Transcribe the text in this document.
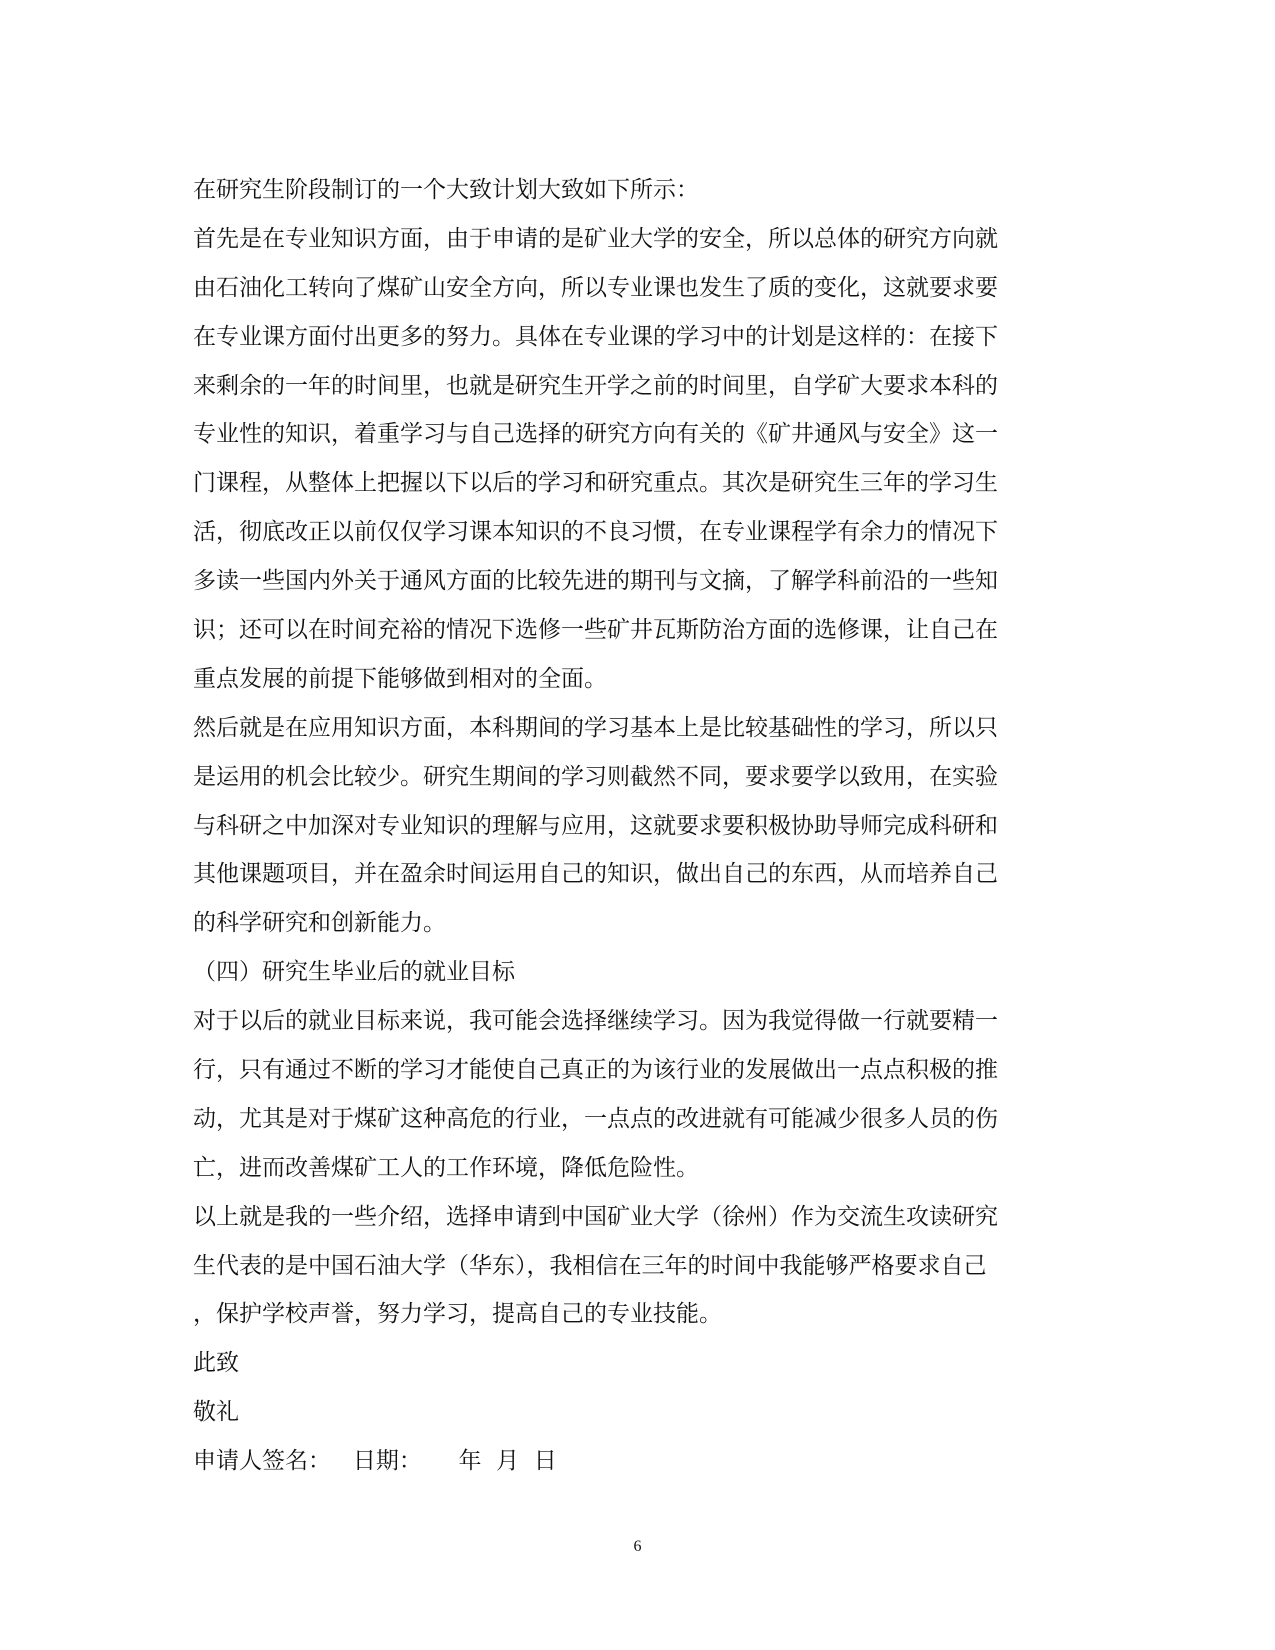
在研究生阶段制订的一个大致计划大致如下所示：
首先是在专业知识方面，由于申请的是矿业大学的安全，所以总体的研究方向就
由石油化工转向了煤矿山安全方向，所以专业课也发生了质的变化，这就要求要
在专业课方面付出更多的努力。具体在专业课的学习中的计划是这样的：在接下
来剩余的一年的时间里，也就是研究生开学之前的时间里，自学矿大要求本科的
专业性的知识，着重学习与自己选择的研究方向有关的《矿井通风与安全》这一
门课程，从整体上把握以下以后的学习和研究重点。其次是研究生三年的学习生
活，彻底改正以前仅仅学习课本知识的不良习惯，在专业课程学有余力的情况下
多读一些国内外关于通风方面的比较先进的期刊与文摘，了解学科前沿的一些知
识；还可以在时间充裕的情况下选修一些矿井瓦斯防治方面的选修课，让自己在
重点发展的前提下能够做到相对的全面。
然后就是在应用知识方面，本科期间的学习基本上是比较基础性的学习，所以只
是运用的机会比较少。研究生期间的学习则截然不同，要求要学以致用，在实验
与科研之中加深对专业知识的理解与应用，这就要求要积极协助导师完成科研和
其他课题项目，并在盈余时间运用自己的知识，做出自己的东西，从而培养自己
的科学研究和创新能力。
（四）研究生毕业后的就业目标
对于以后的就业目标来说，我可能会选择继续学习。因为我觉得做一行就要精一
行，只有通过不断的学习才能使自己真正的为该行业的发展做出一点点积极的推
动，尤其是对于煤矿这种高危的行业，一点点的改进就有可能减少很多人员的伤
亡，进而改善煤矿工人的工作环境，降低危险性。
以上就是我的一些介绍，选择申请到中国矿业大学（徐州）作为交流生攻读研究
生代表的是中国石油大学（华东），我相信在三年的时间中我能够严格要求自己
，保护学校声誉，努力学习，提高自己的专业技能。
此致
敬礼
申请人签名：   日期：     年  月  日
6
